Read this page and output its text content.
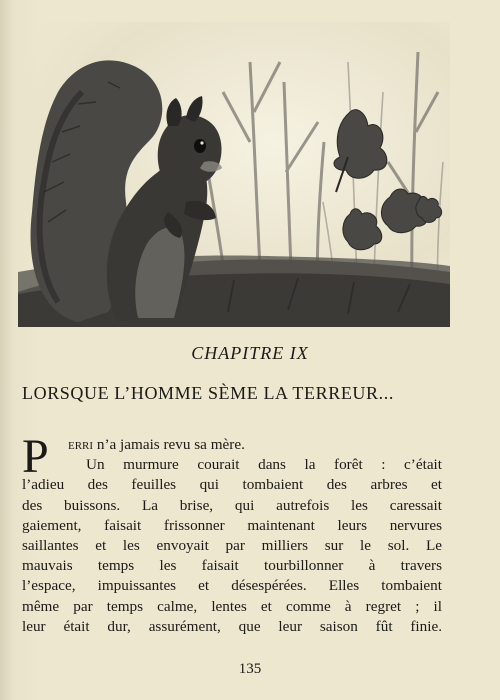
CHAPITRE IX
LORSQUE L’HOMME SÈME LA TERREUR...
P	erri n’a jamais revu sa mère.
Un murmure courait dans la forêt : c’était
l’adieu des feuilles qui tombaient des arbres et
des buissons. La brise, qui autrefois les caressait
gaiement, faisait frissonner maintenant leurs nervures
saillantes et les envoyait par milliers sur le sol. Le
mauvais temps les faisait tourbillonner à travers
l’espace, impuissantes et désespérées. Elles tombaient
même par temps calme, lentes et comme à regret ; il
leur était dur, assurément, que leur saison fût finie.
135
